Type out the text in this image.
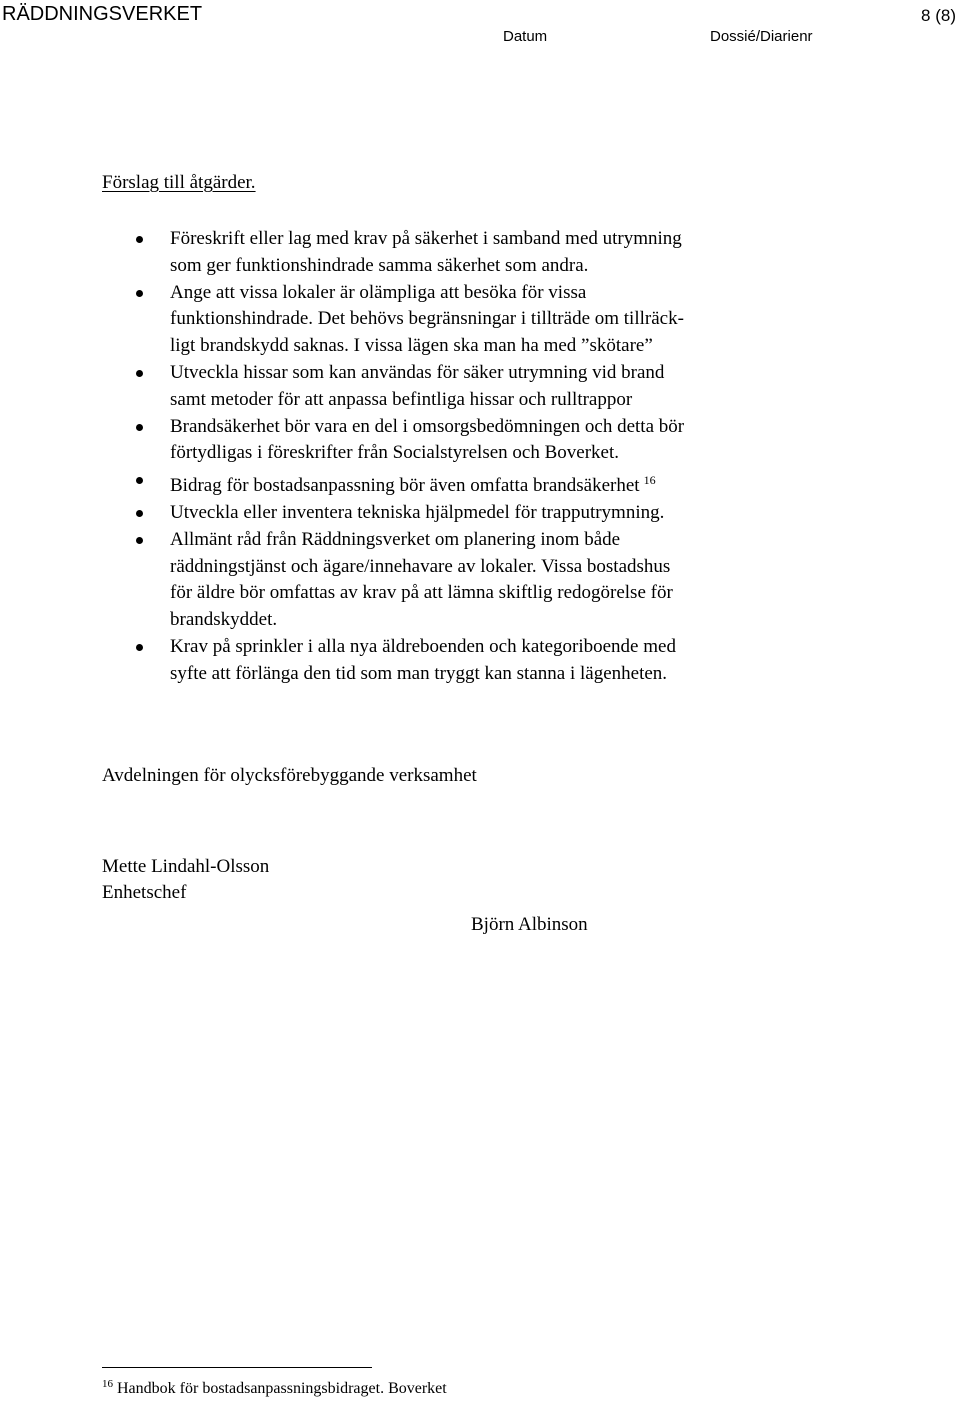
RÄDDNINGSVERKET	8 (8)
Datum	Dossié/Diarienr
Förslag till åtgärder.
Föreskrift eller lag med krav på säkerhet i samband med utrymning
som ger funktionshindrade samma säkerhet som andra.
Ange att vissa lokaler är olämpliga att besöka för vissa
funktionshindrade. Det behövs begränsningar i tillträde om tillräck-
ligt brandskydd saknas. I vissa lägen ska man ha med ”skötare”
Utveckla hissar som kan användas för säker utrymning vid brand
samt metoder för att anpassa befintliga hissar och rulltrappor
Brandsäkerhet bör vara en del i omsorgsbedömningen och detta bör
förtydligas i föreskrifter från Socialstyrelsen och Boverket.
Bidrag för bostadsanpassning bör även omfatta brandsäkerhet $^{16}$
Utveckla eller inventera tekniska hjälpmedel för trapputrymning.
Allmänt råd från Räddningsverket om planering inom både
räddningstjänst och ägare/innehavare av lokaler. Vissa bostadshus
för äldre bör omfattas av krav på att lämna skiftlig redogörelse för
brandskyddet.
Krav på sprinkler i alla nya äldreboenden och kategoriboende med
syfte att förlänga den tid som man tryggt kan stanna i lägenheten.
Avdelningen för olycksförebyggande verksamhet
Mette Lindahl-Olsson
Enhetschef
Björn Albinson
$^{16}$ Handbok för bostadsanpassningsbidraget. Boverket
